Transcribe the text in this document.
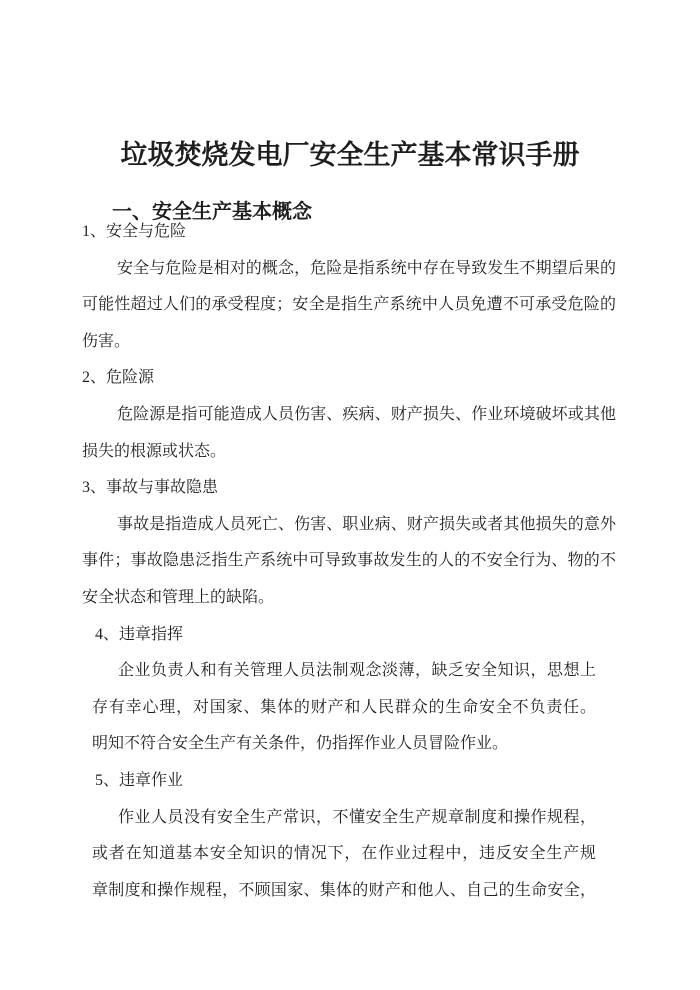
垃圾焚烧发电厂安全生产基本常识手册
一、安全生产基本概念
1、安全与危险
安全与危险是相对的概念，危险是指系统中存在导致发生不期望后果的
可能性超过人们的承受程度；安全是指生产系统中人员免遭不可承受危险的
伤害。
2、危险源
危险源是指可能造成人员伤害、疾病、财产损失、作业环境破坏或其他
损失的根源或状态。
3、事故与事故隐患
事故是指造成人员死亡、伤害、职业病、财产损失或者其他损失的意外
事件；事故隐患泛指生产系统中可导致事故发生的人的不安全行为、物的不
安全状态和管理上的缺陷。
4、违章指挥
企业负责人和有关管理人员法制观念淡薄，缺乏安全知识，思想上
存有幸心理，对国家、集体的财产和人民群众的生命安全不负责任。
明知不符合安全生产有关条件，仍指挥作业人员冒险作业。
5、违章作业
作业人员没有安全生产常识，不懂安全生产规章制度和操作规程，
或者在知道基本安全知识的情况下，在作业过程中，违反安全生产规
章制度和操作规程，不顾国家、集体的财产和他人、自己的生命安全，
